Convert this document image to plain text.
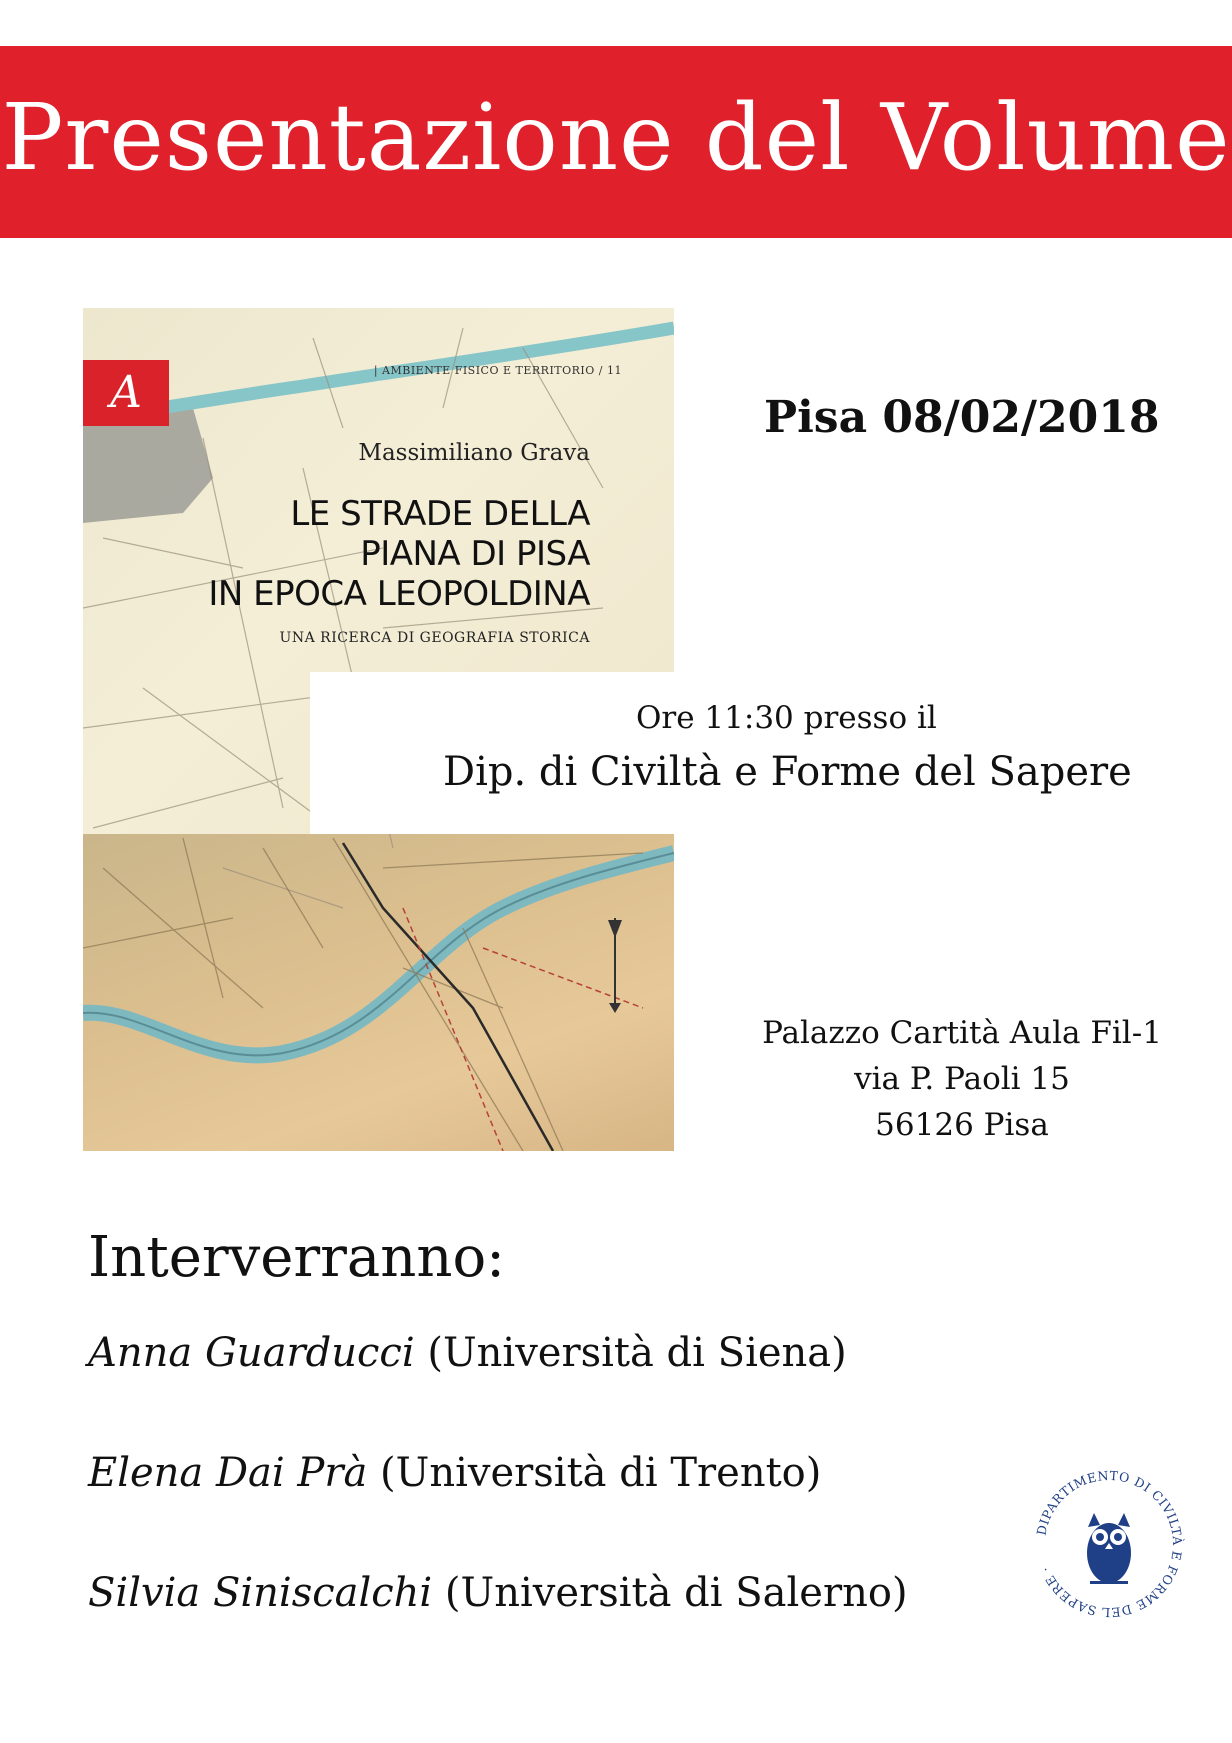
Presentazione del Volume
A	| AMBIENTE FISICO E TERRITORIO / 11
Massimiliano Grava
LE STRADE DELLA
PIANA DI PISA
IN EPOCA LEOPOLDINA
UNA RICERCA DI GEOGRAFIA STORICA
Pisa 08/02/2018
Ore 11:30 presso il
Dip. di Civiltà e Forme del Sapere
Palazzo Cartità Aula Fil-1
via P. Paoli 15
56126 Pisa
Interverranno:
Anna Guarducci (Università di Siena)
Elena Dai Prà (Università di Trento)
Silvia Siniscalchi (Università di Salerno)
DIPARTIMENTO DI CIVILTÀ E FORME DEL SAPERE ·
